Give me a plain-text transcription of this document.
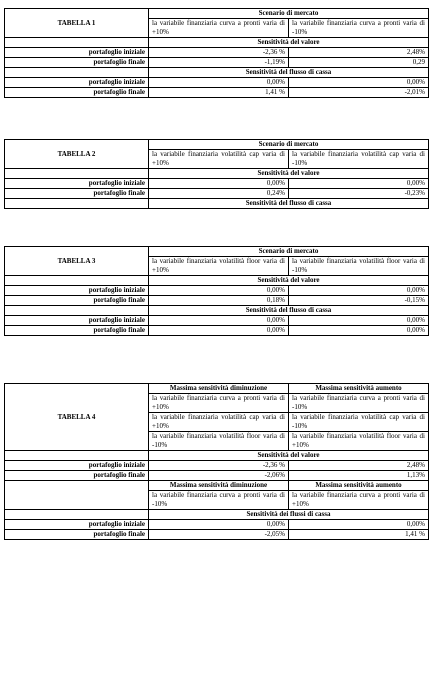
TABELLA 1	Scenario di mercato	
	la variabile finanziaria curva a pronti varia di +10%	la variabile finanziaria curva a pronti varia di -10%

	Sensitività del valore	
portafoglio iniziale	-2,36 %	2,48%
portafoglio finale	-1,19%	0,29
	Sensitività del flusso di cassa	
portafoglio iniziale	0,00%	0,00%
portafoglio finale	1,41 %	-2,01%
TABELLA 2	Scenario di mercato	
	la variabile finanziaria volatilità cap varia di +10%	la variabile finanziaria volatilità cap varia di -10%

	Sensitività del valore	
portafoglio iniziale	0,00%	0,00%
portafoglio finale	0,24%	-0,23%
	Sensitività del flusso di cassa	
TABELLA 3	Scenario di mercato	
	la variabile finanziaria volatilità floor varia di +10%	la variabile finanziaria volatilità floor varia di -10%

	Sensitività del valore	
portafoglio iniziale	0,00%	0,00%
portafoglio finale	0,18%	-0,15%
	Sensitività del flusso di cassa	
portafoglio iniziale	0,00%	0,00%
portafoglio finale	0,00%	0,00%
TABELLA 4	Massima sensitività diminuzione	Massima sensitività aumento
	la variabile finanziaria curva a pronti varia di +10%	la variabile finanziaria curva a pronti varia di -10%
	la variabile finanziaria volatilità cap varia di +10%	la variabile finanziaria volatilità cap varia di -10%
	la variabile finanziaria volatilità floor varia di -10%	la variabile finanziaria volatilità floor varia di +10%
	Sensitività del valore	
portafoglio iniziale	-2,36 %	2,48%
portafoglio finale	-2,06%	1,13%
	Massima sensitività diminuzione	Massima sensitività aumento
	la variabile finanziaria curva a pronti varia di -10%	la variabile finanziaria curva a pronti varia di +10%
	Sensitività dei flussi di cassa	
portafoglio iniziale	0,00%	0,00%
portafoglio finale	-2,05%	1,41 %
